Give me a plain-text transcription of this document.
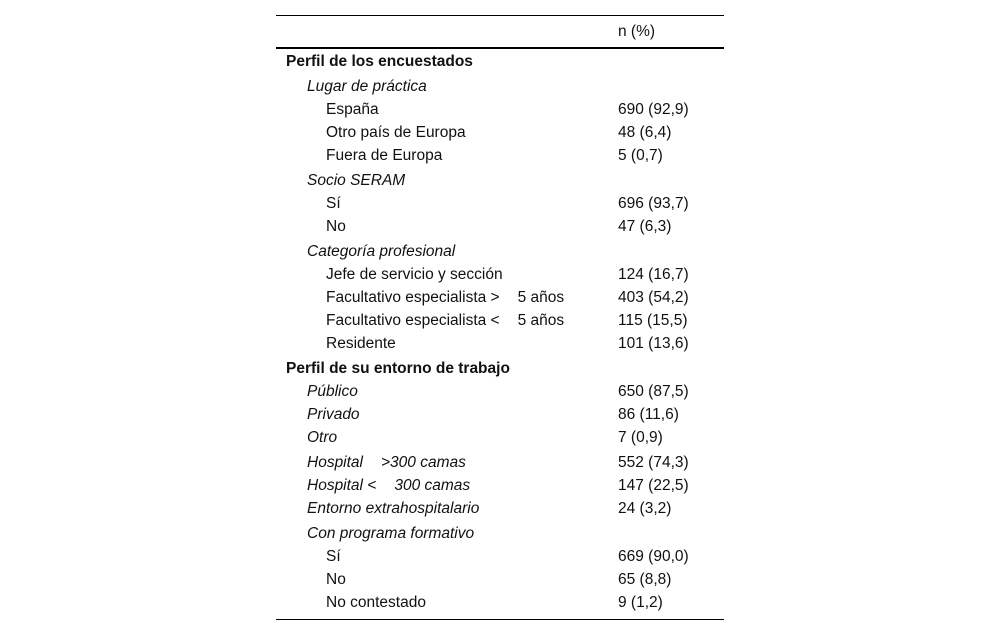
n (%)
Perfil de los encuestados
Lugar de práctica
España	690 (92,9)
Otro país de Europa	48 (6,4)
Fuera de Europa	5 (0,7)
Socio SERAM
Sí	696 (93,7)
No	47 (6,3)
Categoría profesional
Jefe de servicio y sección	124 (16,7)
Facultativo especialista > 5 años	403 (54,2)
Facultativo especialista < 5 años	115 (15,5)
Residente	101 (13,6)
Perfil de su entorno de trabajo
Público	650 (87,5)
Privado	86 (11,6)
Otro	7 (0,9)
Hospital >300 camas	552 (74,3)
Hospital < 300 camas	147 (22,5)
Entorno extrahospitalario	24 (3,2)
Con programa formativo
Sí	669 (90,0)
No	65 (8,8)
No contestado	9 (1,2)
